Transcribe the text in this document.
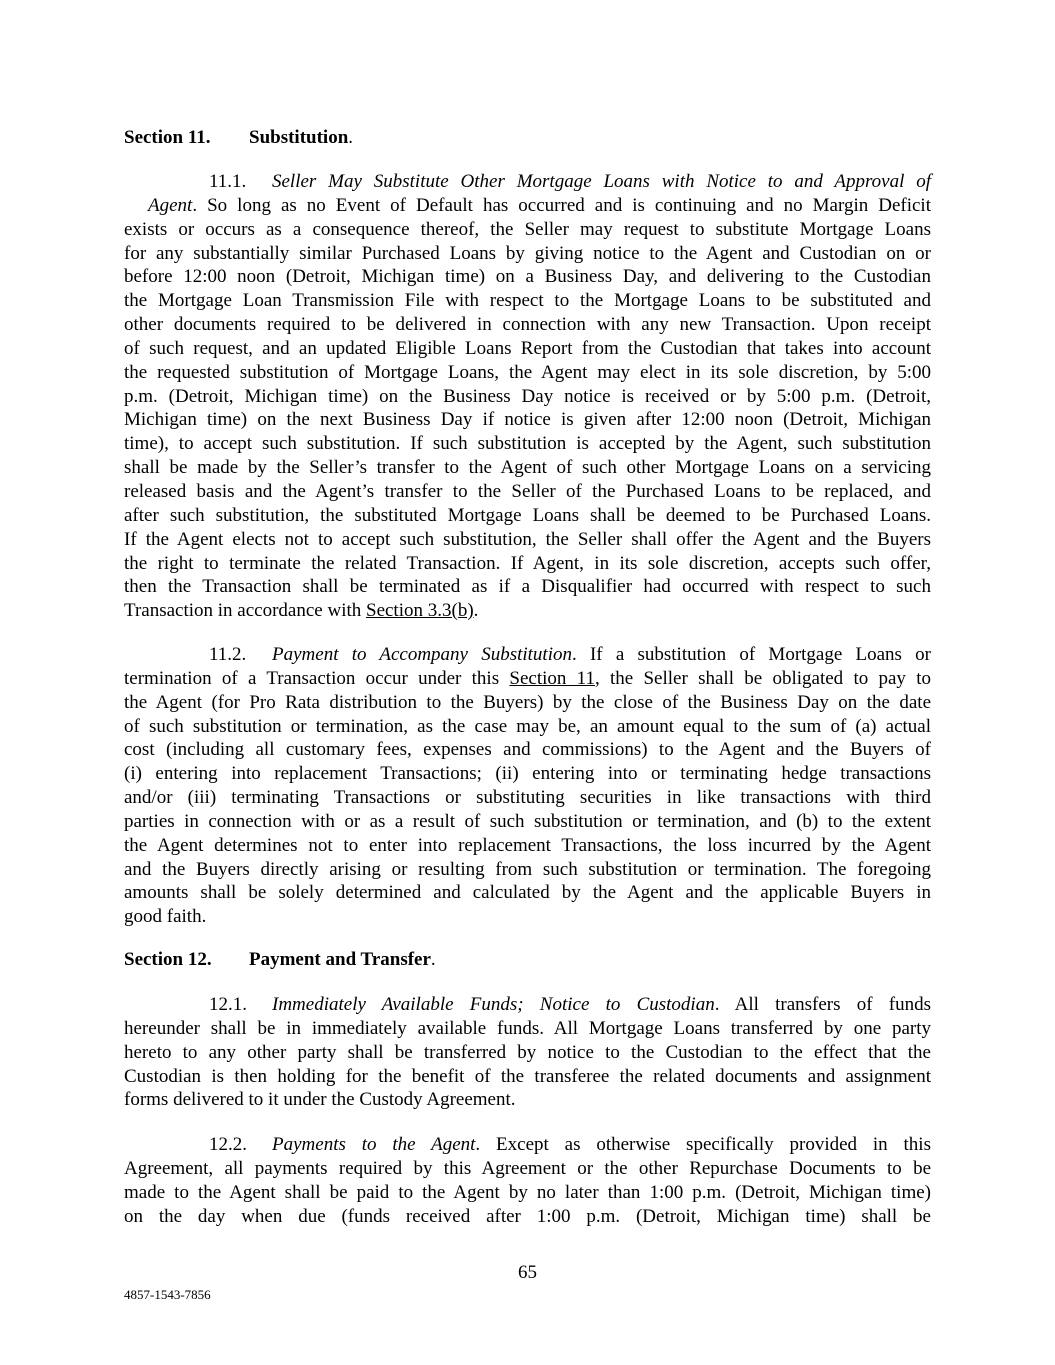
Section 11. Substitution.
11.1. Seller May Substitute Other Mortgage Loans with Notice to and Approval of
Agent. So long as no Event of Default has occurred and is continuing and no Margin Deficit
exists or occurs as a consequence thereof, the Seller may request to substitute Mortgage Loans
for any substantially similar Purchased Loans by giving notice to the Agent and Custodian on or
before 12:00 noon (Detroit, Michigan time) on a Business Day, and delivering to the Custodian
the Mortgage Loan Transmission File with respect to the Mortgage Loans to be substituted and
other documents required to be delivered in connection with any new Transaction. Upon receipt
of such request, and an updated Eligible Loans Report from the Custodian that takes into account
the requested substitution of Mortgage Loans, the Agent may elect in its sole discretion, by 5:00
p.m. (Detroit, Michigan time) on the Business Day notice is received or by 5:00 p.m. (Detroit,
Michigan time) on the next Business Day if notice is given after 12:00 noon (Detroit, Michigan
time), to accept such substitution. If such substitution is accepted by the Agent, such substitution
shall be made by the Seller’s transfer to the Agent of such other Mortgage Loans on a servicing
released basis and the Agent’s transfer to the Seller of the Purchased Loans to be replaced, and
after such substitution, the substituted Mortgage Loans shall be deemed to be Purchased Loans.
If the Agent elects not to accept such substitution, the Seller shall offer the Agent and the Buyers
the right to terminate the related Transaction. If Agent, in its sole discretion, accepts such offer,
then the Transaction shall be terminated as if a Disqualifier had occurred with respect to such
Transaction in accordance with Section 3.3(b).
11.2. Payment to Accompany Substitution. If a substitution of Mortgage Loans or
termination of a Transaction occur under this Section 11, the Seller shall be obligated to pay to
the Agent (for Pro Rata distribution to the Buyers) by the close of the Business Day on the date
of such substitution or termination, as the case may be, an amount equal to the sum of (a) actual
cost (including all customary fees, expenses and commissions) to the Agent and the Buyers of
(i) entering into replacement Transactions; (ii) entering into or terminating hedge transactions
and/or (iii) terminating Transactions or substituting securities in like transactions with third
parties in connection with or as a result of such substitution or termination, and (b) to the extent
the Agent determines not to enter into replacement Transactions, the loss incurred by the Agent
and the Buyers directly arising or resulting from such substitution or termination. The foregoing
amounts shall be solely determined and calculated by the Agent and the applicable Buyers in
good faith.
Section 12. Payment and Transfer.
12.1. Immediately Available Funds; Notice to Custodian. All transfers of funds
hereunder shall be in immediately available funds. All Mortgage Loans transferred by one party
hereto to any other party shall be transferred by notice to the Custodian to the effect that the
Custodian is then holding for the benefit of the transferee the related documents and assignment
forms delivered to it under the Custody Agreement.
12.2. Payments to the Agent. Except as otherwise specifically provided in this
Agreement, all payments required by this Agreement or the other Repurchase Documents to be
made to the Agent shall be paid to the Agent by no later than 1:00 p.m. (Detroit, Michigan time)
on the day when due (funds received after 1:00 p.m. (Detroit, Michigan time) shall be
65
4857-1543-7856
